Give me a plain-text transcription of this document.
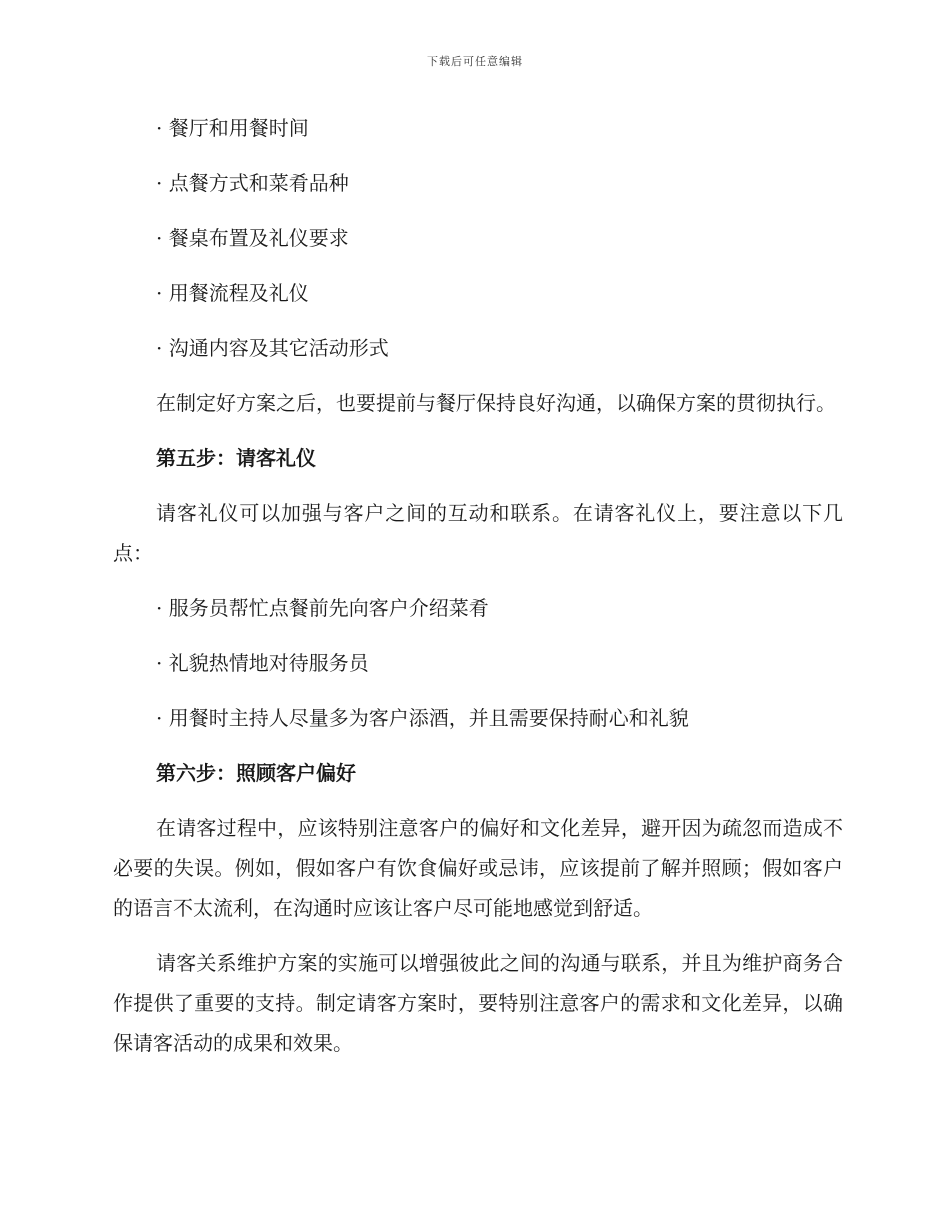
下载后可任意编辑

· 餐厅和用餐时间

· 点餐方式和菜肴品种

· 餐桌布置及礼仪要求

· 用餐流程及礼仪

· 沟通内容及其它活动形式

在制定好方案之后，也要提前与餐厅保持良好沟通，以确保方案的贯彻执行。

第五步：请客礼仪

请客礼仪可以加强与客户之间的互动和联系。在请客礼仪上，要注意以下几点：

· 服务员帮忙点餐前先向客户介绍菜肴

· 礼貌热情地对待服务员

· 用餐时主持人尽量多为客户添酒，并且需要保持耐心和礼貌

第六步：照顾客户偏好

在请客过程中，应该特别注意客户的偏好和文化差异，避开因为疏忽而造成不必要的失误。例如，假如客户有饮食偏好或忌讳，应该提前了解并照顾；假如客户的语言不太流利，在沟通时应该让客户尽可能地感觉到舒适。

请客关系维护方案的实施可以增强彼此之间的沟通与联系，并且为维护商务合作提供了重要的支持。制定请客方案时，要特别注意客户的需求和文化差异，以确保请客活动的成果和效果。
